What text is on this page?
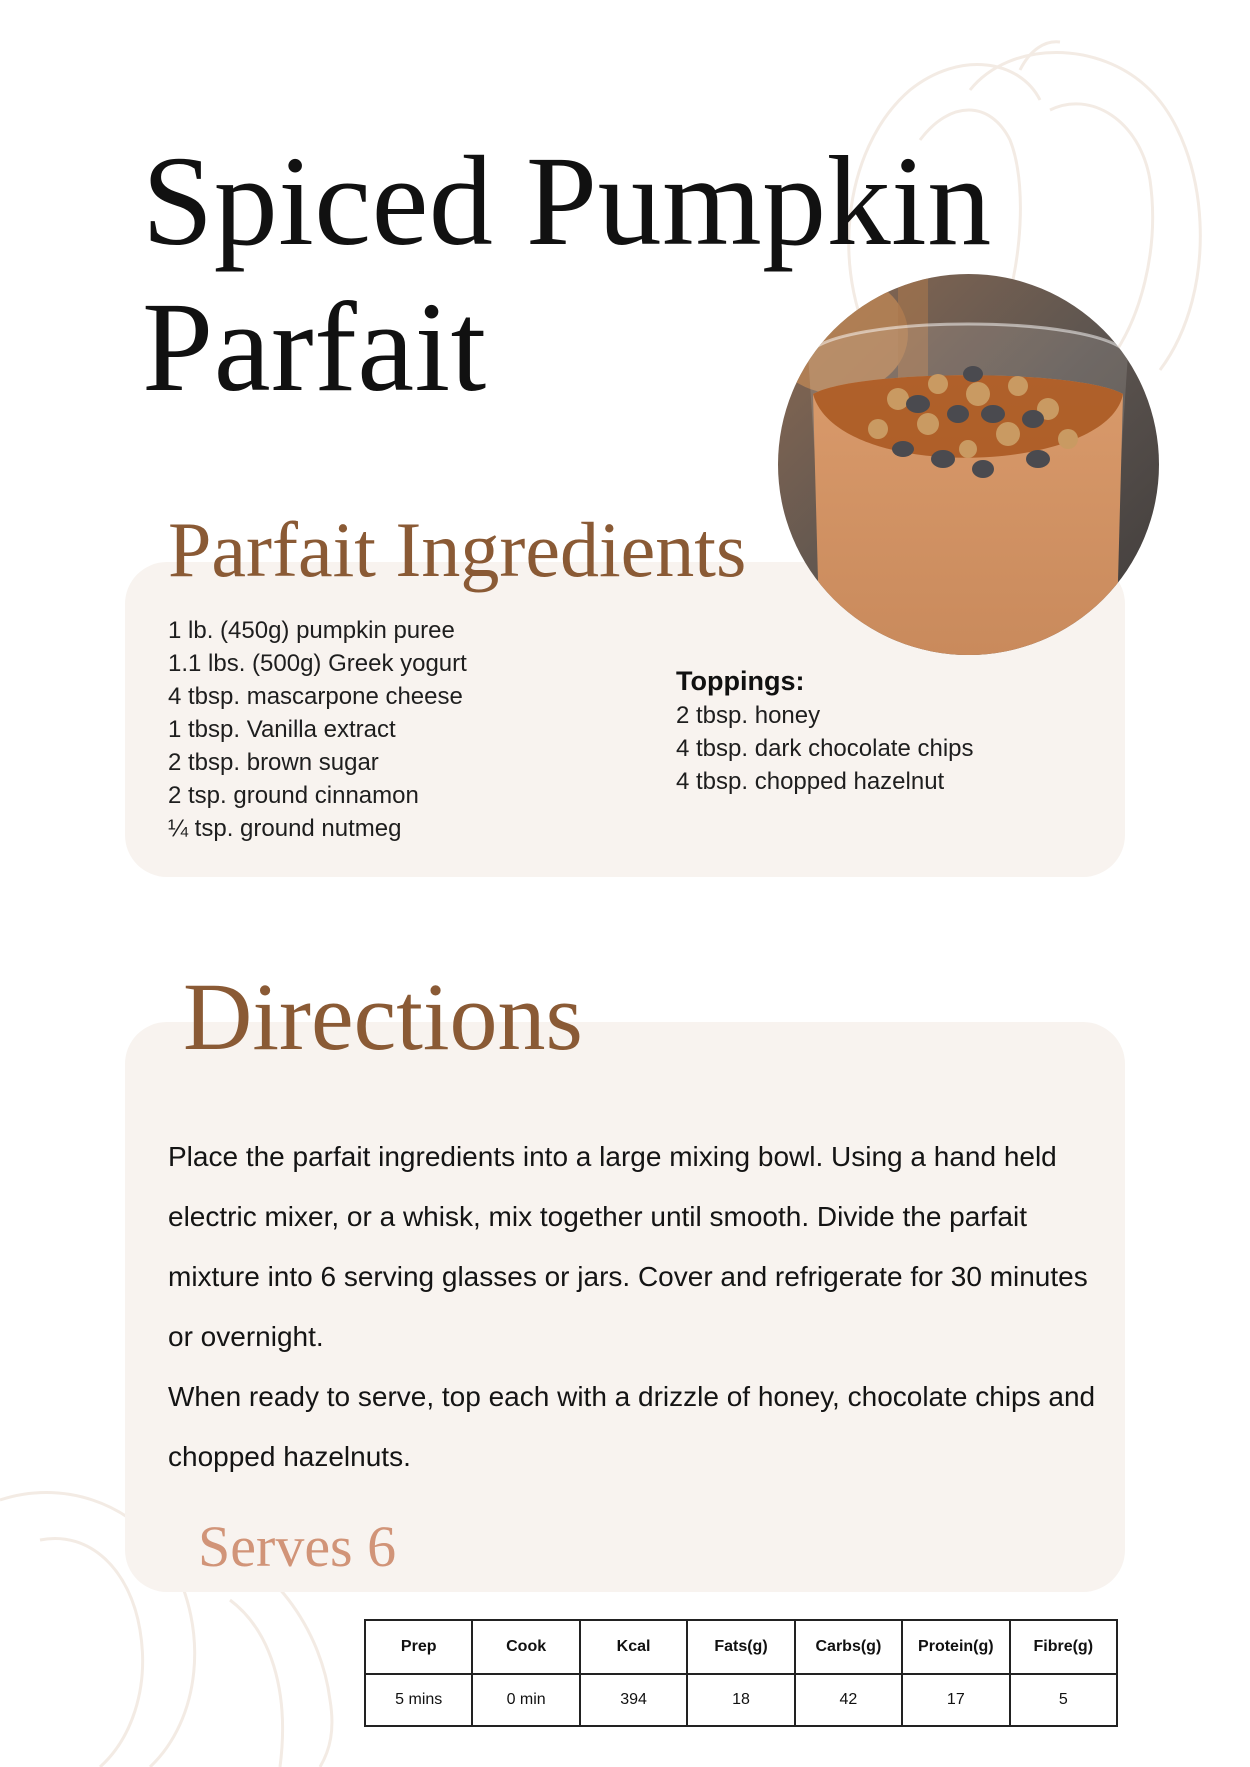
Spiced Pumpkin
Parfait
Parfait Ingredients
1 lb. (450g) pumpkin puree
1.1 lbs. (500g) Greek yogurt
4 tbsp. mascarpone cheese
1 tbsp. Vanilla extract
2 tbsp. brown sugar
2 tsp. ground cinnamon
¼ tsp. ground nutmeg
Toppings:
2 tbsp. honey
4 tbsp. dark chocolate chips
4 tbsp. chopped hazelnut
Directions

Place the parfait ingredients into a large mixing bowl. Using a hand held electric mixer, or a whisk, mix together until smooth. Divide the parfait mixture into 6 serving glasses or jars. Cover and refrigerate for 30 minutes or overnight.

When ready to serve, top each with a drizzle of honey, chocolate chips and chopped hazelnuts.

Serves 6
Prep	Cook	Kcal	Fats(g)	Carbs(g)	Protein(g)	Fibre(g)
5 mins	0 min	394	18	42	17	5
